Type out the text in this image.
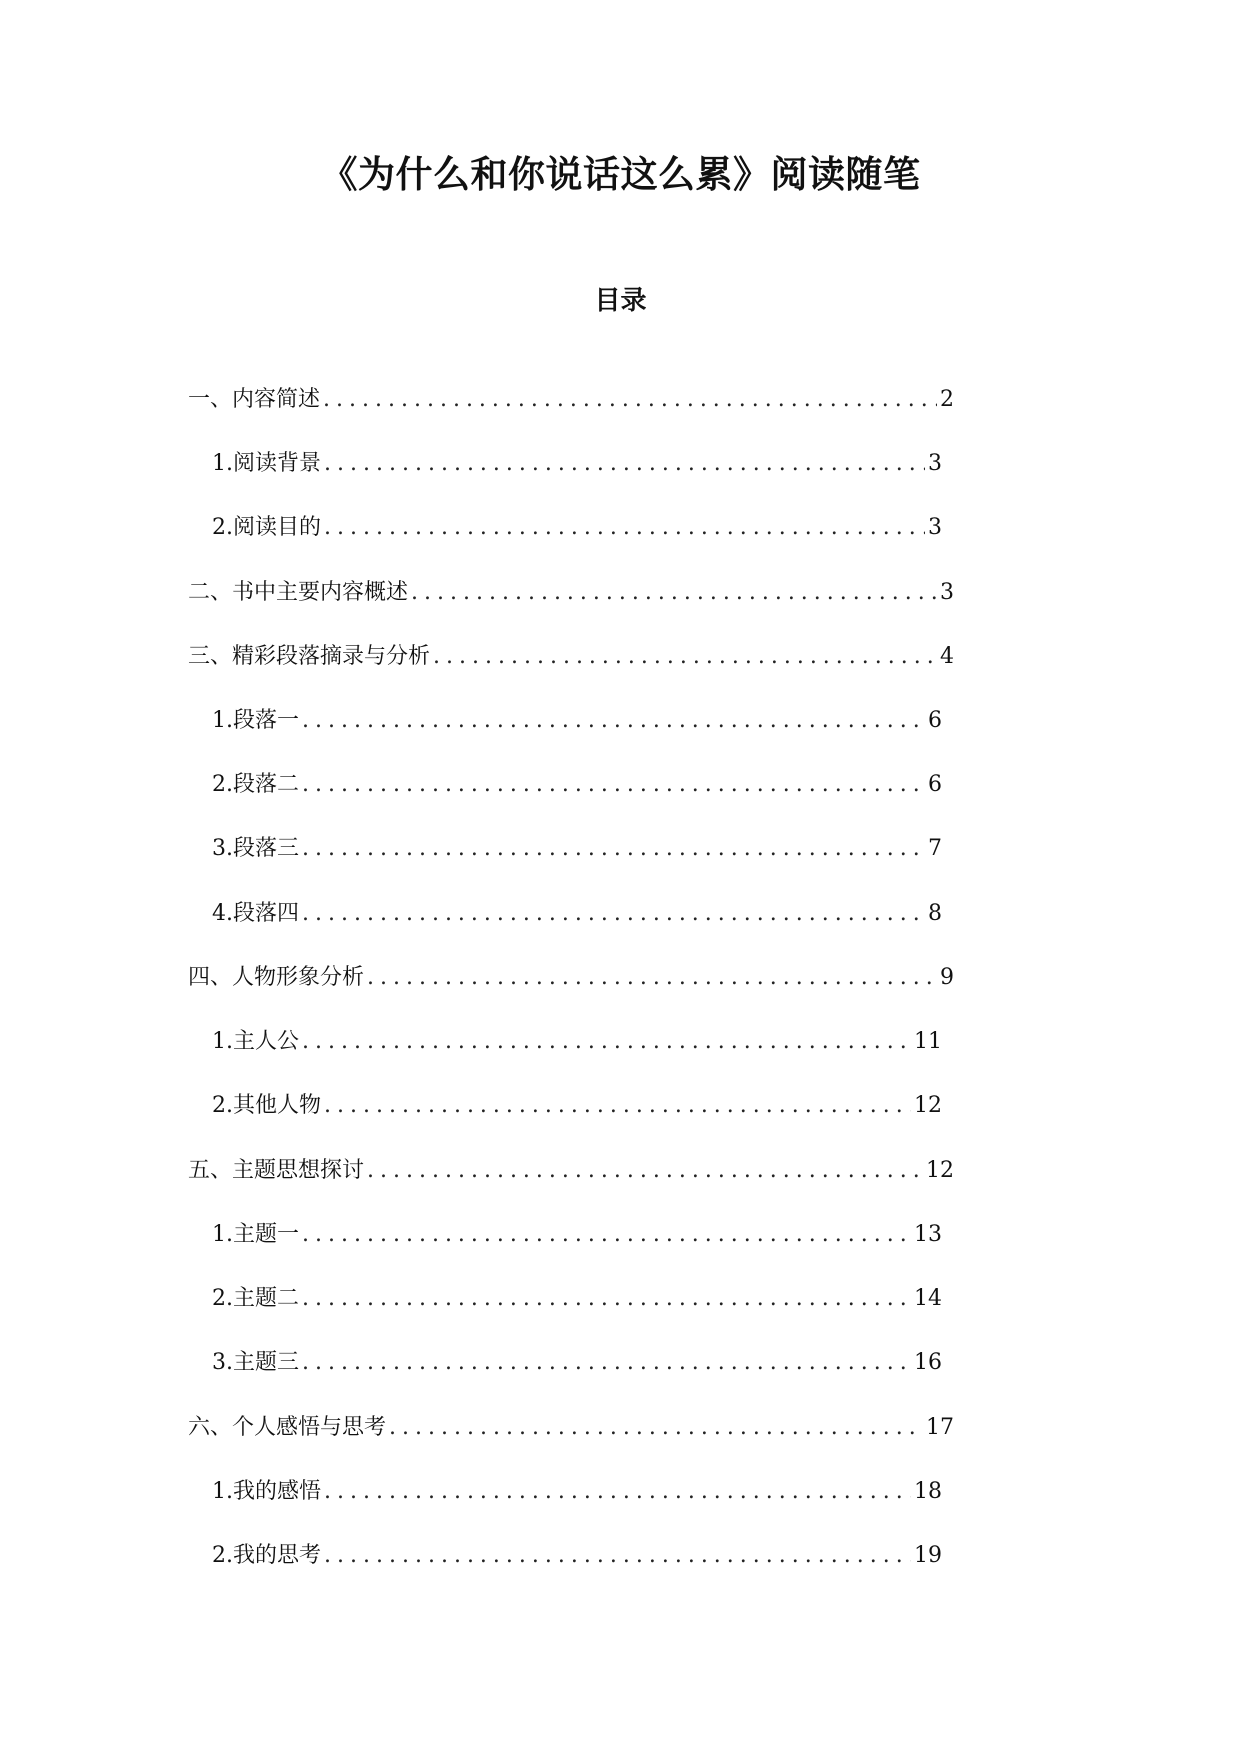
《为什么和你说话这么累》阅读随笔
目录
一、内容简述 .....	2
1. 阅读背景 .....	3
2. 阅读目的 .....	3
二、书中主要内容概述 .....	3
三、精彩段落摘录与分析 .....	4
1. 段落一 .....	6
2. 段落二 .....	6
3. 段落三 .....	7
4. 段落四 .....	8
四、人物形象分析 .....	9
1. 主人公 .....	11
2. 其他人物 .....	12
五、主题思想探讨 .....	12
1. 主题一 .....	13
2. 主题二 .....	14
3. 主题三 .....	16
六、个人感悟与思考 .....	17
1. 我的感悟 .....	18
2. 我的思考 .....	19
